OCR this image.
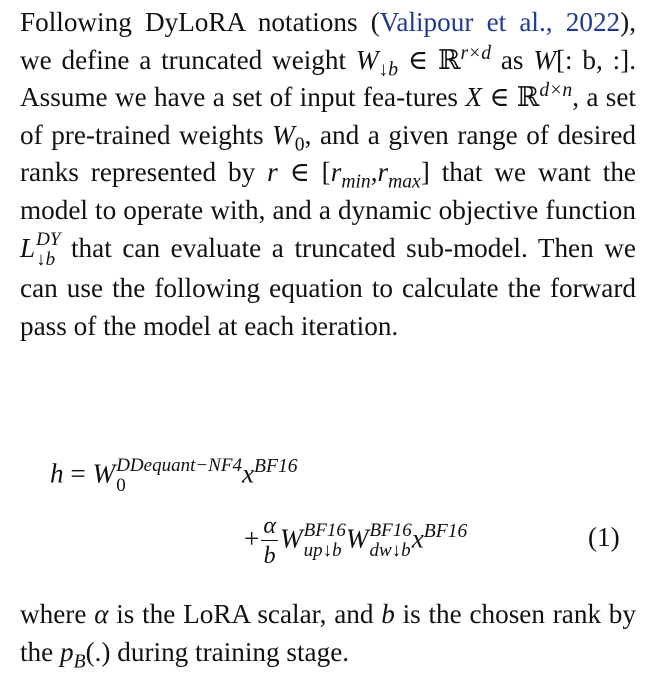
Following DyLoRA notations (Valipour et al., 2022), we define a truncated weight $W_{↓b}$ ∈ ℝ$^{r\times d}$ as W[: b, :]. Assume we have a set of input fea-tures X ∈ ℝ$^{d\times n}$, a set of pre-trained weights $W_0$, and a given range of desired ranks represented by r ∈ $[r_{min},r_{max}]$ that we want the model to operate with, and a dynamic objective function L DY
↓b that can evaluate a truncated sub-model. Then we can use the following equation to calculate the forward pass of the model at each iteration.
h = W DDequant−NF4
0	$x^{BF16}$
+ $\frac{\alpha}{b}$ W BF16
up↓b W BF16
dw↓b $x^{BF16}$	(1)
where α is the LoRA scalar, and b is the chosen rank by the $p_B(.)$ during training stage.
